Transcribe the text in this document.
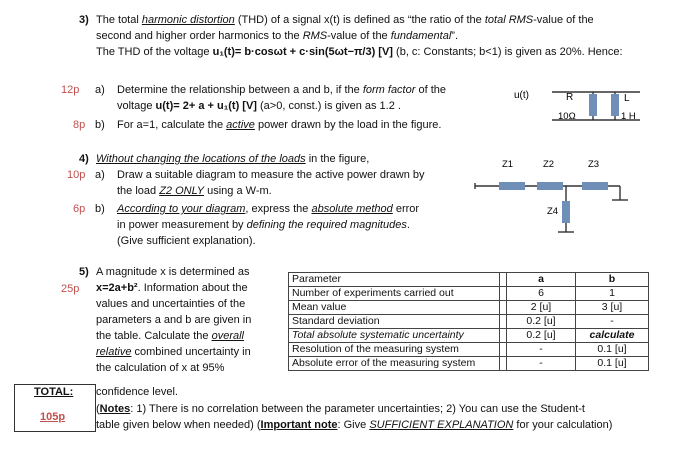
3) The total harmonic distortion (THD) of a signal x(t) is defined as “the ratio of the total RMS-value of the
second and higher order harmonics to the RMS-value of the fundamental”.
The THD of the voltage u₁(t)= b·cosωt + c·sin(5ωt−π/3) [V] (b, c: Constants; b<1) is given as 20%. Hence:
12p a) Determine the relationship between a and b, if the form factor of the
voltage u(t)= 2+ a + u₁(t) [V] (a>0, const.) is given as 1.2 .
8p b) For a=1, calculate the active power drawn by the load in the figure.
u(t)	R
10Ω
L
1 H
4) Without changing the locations of the loads in the figure,
10p a) Draw a suitable diagram to measure the active power drawn by
the load Z2 ONLY using a W-m.
6p b) According to your diagram, express the absolute method error
in power measurement by defining the required magnitudes.
(Give sufficient explanation).
Z1	Z2	Z3
Z4
5)
25p
A magnitude x is determined as
x=2a+b². Information about the
values and uncertainties of the
parameters a and b are given in
the table. Calculate the overall
relative combined uncertainty in
the calculation of x at 95%
confidence level.
Parameter		a	b
Number of experiments carried out		6	1
Mean value		2 [u]	3 [u]
Standard deviation		0.2 [u]	-
Total absolute systematic uncertainty		0.2 [u]	calculate
Resolution of the measuring system		-	0.1 [u]
Absolute error of the measuring system		-	0.1 [u]
(Notes: 1) There is no correlation between the parameter uncertainties; 2) You can use the Student-t
table given below when needed) (Important note: Give SUFFICIENT EXPLANATION for your calculation)
TOTAL:
105p
